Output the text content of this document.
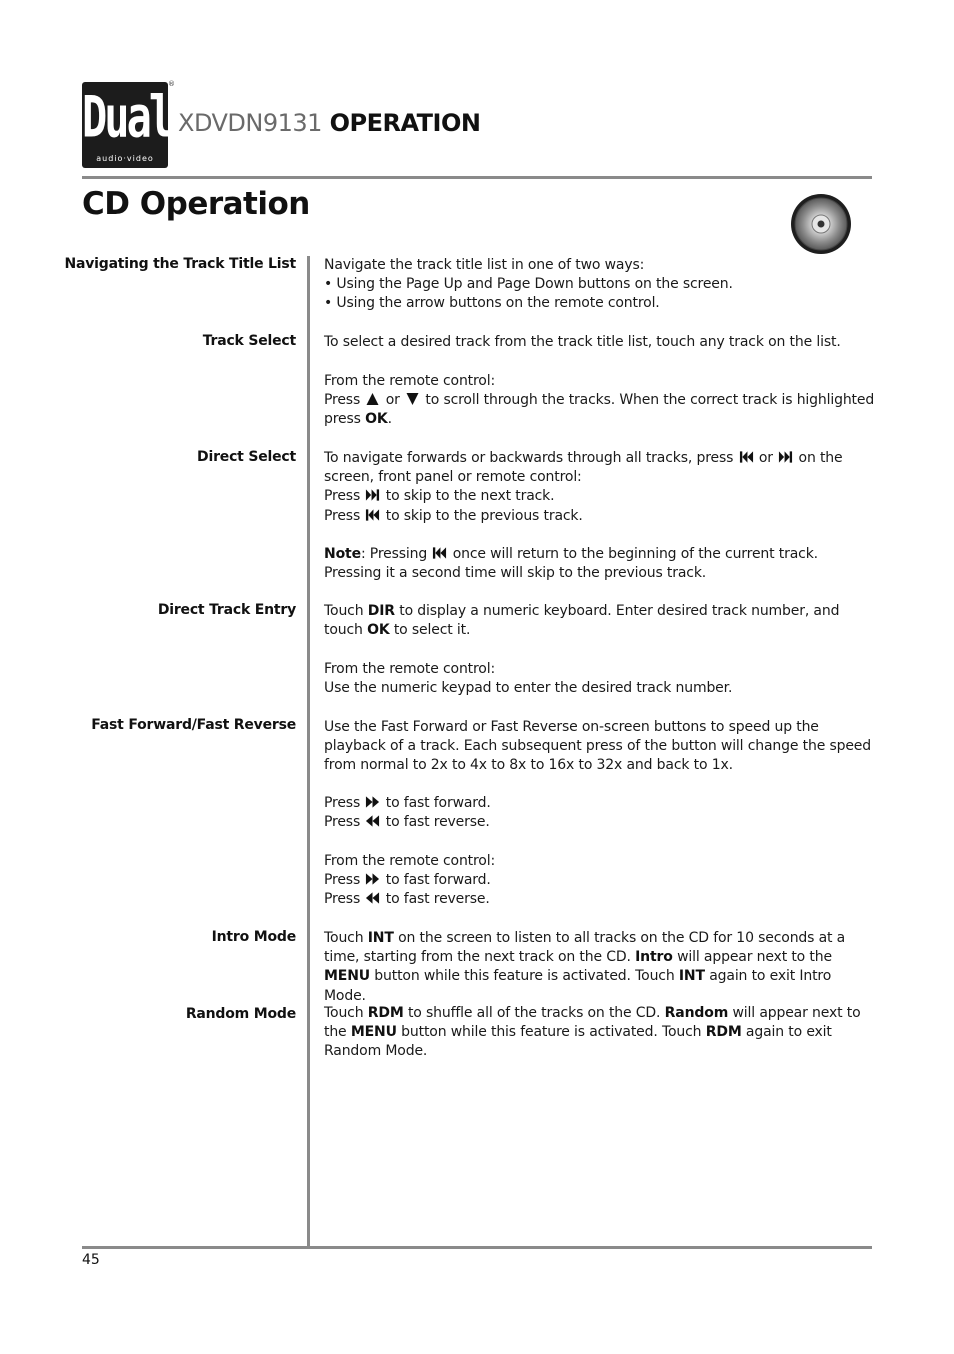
Dual
audio·video
®
XDVDN9131 OPERATION
CD Operation
Navigating the Track Title List Navigate the track title list in one of two ways:
• Using the Page Up and Page Down buttons on the screen.
• Using the arrow buttons on the remote control.
Track Select To select a desired track from the track title list, touch any track on the list.
From the remote control:
Press or to scroll through the tracks. When the correct track is highlighted press OK.
Direct Select To navigate forwards or backwards through all tracks, press or on the screen, front panel or remote control:
Press to skip to the next track.
Press to skip to the previous track.
Note: Pressing once will return to the beginning of the current track. Pressing it a second time will skip to the previous track.
Direct Track Entry Touch DIR to display a numeric keyboard. Enter desired track number, and touch OK to select it.
From the remote control:
Use the numeric keypad to enter the desired track number.
Fast Forward/Fast Reverse Use the Fast Forward or Fast Reverse on-screen buttons to speed up the playback of a track. Each subsequent press of the button will change the speed from normal to 2x to 4x to 8x to 16x to 32x and back to 1x.
Press to fast forward.
Press to fast reverse.
From the remote control:
Press to fast forward.
Press to fast reverse.
Intro Mode Touch INT on the screen to listen to all tracks on the CD for 10 seconds at a time, starting from the next track on the CD. Intro will appear next to the MENU button while this feature is activated. Touch INT again to exit Intro Mode.
Random Mode Touch RDM to shuffle all of the tracks on the CD. Random will appear next to the MENU button while this feature is activated. Touch RDM again to exit Random Mode.
45
